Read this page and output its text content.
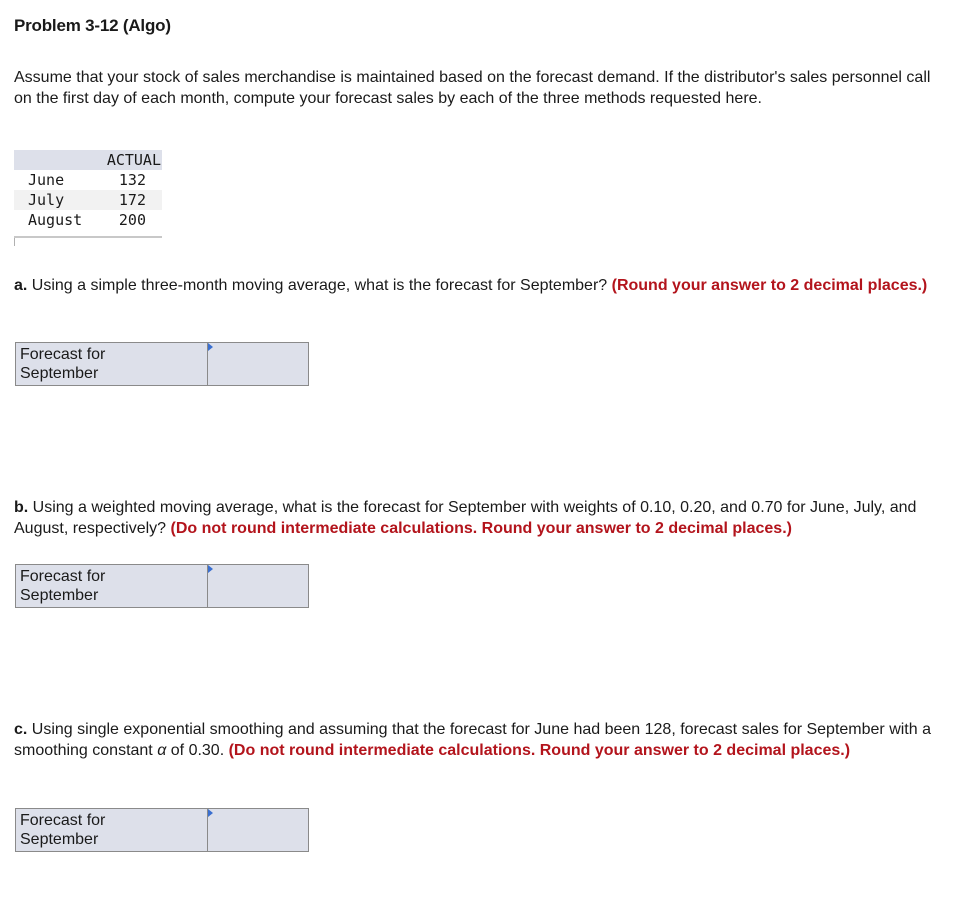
Problem 3-12 (Algo)
Assume that your stock of sales merchandise is maintained based on the forecast demand. If the distributor's sales personnel call on the first day of each month, compute your forecast sales by each of the three methods requested here.
ACTUAL
June	132
July	172
August	200
a. Using a simple three-month moving average, what is the forecast for September? (Round your answer to 2 decimal places.)
Forecast for
September
b. Using a weighted moving average, what is the forecast for September with weights of 0.10, 0.20, and 0.70 for June, July, and August, respectively? (Do not round intermediate calculations. Round your answer to 2 decimal places.)
Forecast for
September
c. Using single exponential smoothing and assuming that the forecast for June had been 128, forecast sales for September with a smoothing constant α of 0.30. (Do not round intermediate calculations. Round your answer to 2 decimal places.)
Forecast for
September
